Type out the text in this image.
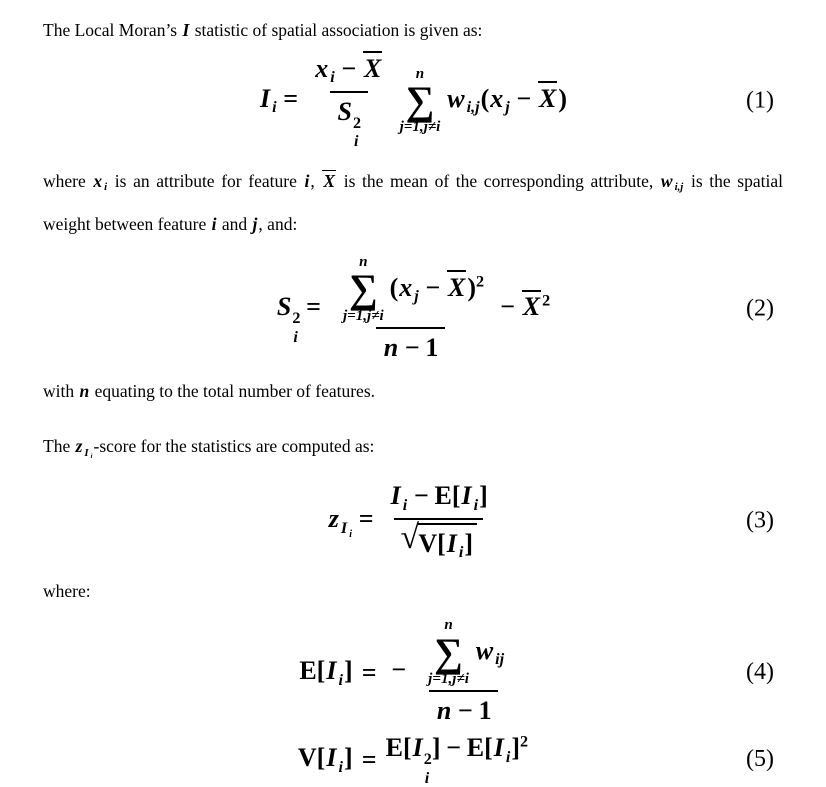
The Local Moran’s I statistic of spatial association is given as:

I $_i$ = x $_i$ − X
S 2
i n
∑
j=1,j≠i
w $_{i,j}$(x $_j$ − X)	(1)

where x $_i$ is an attribute for feature i, X is the mean of the corresponding attribute, w $_{i,j}$ is the spatial weight between feature i and j, and:

S 2
i
= n
∑
j=1,j≠i
(x $_j$ − X)$^2$
n − 1 − X $^2$	(2)

with n equating to the total number of features.

The z $_{I _i}$-score for the statistics are computed as:

z $_{I _i}= \frac{I _i - E[I _i]}{√ V[I _i]}$	(3)

where:

E[I $_i$] = −
n
∑
j=1,j≠i
w $_{ij}$
n − 1
(4)
V[I $_i$] = E[I 2
i
] − E[I $_i$]$^2$
(5)
